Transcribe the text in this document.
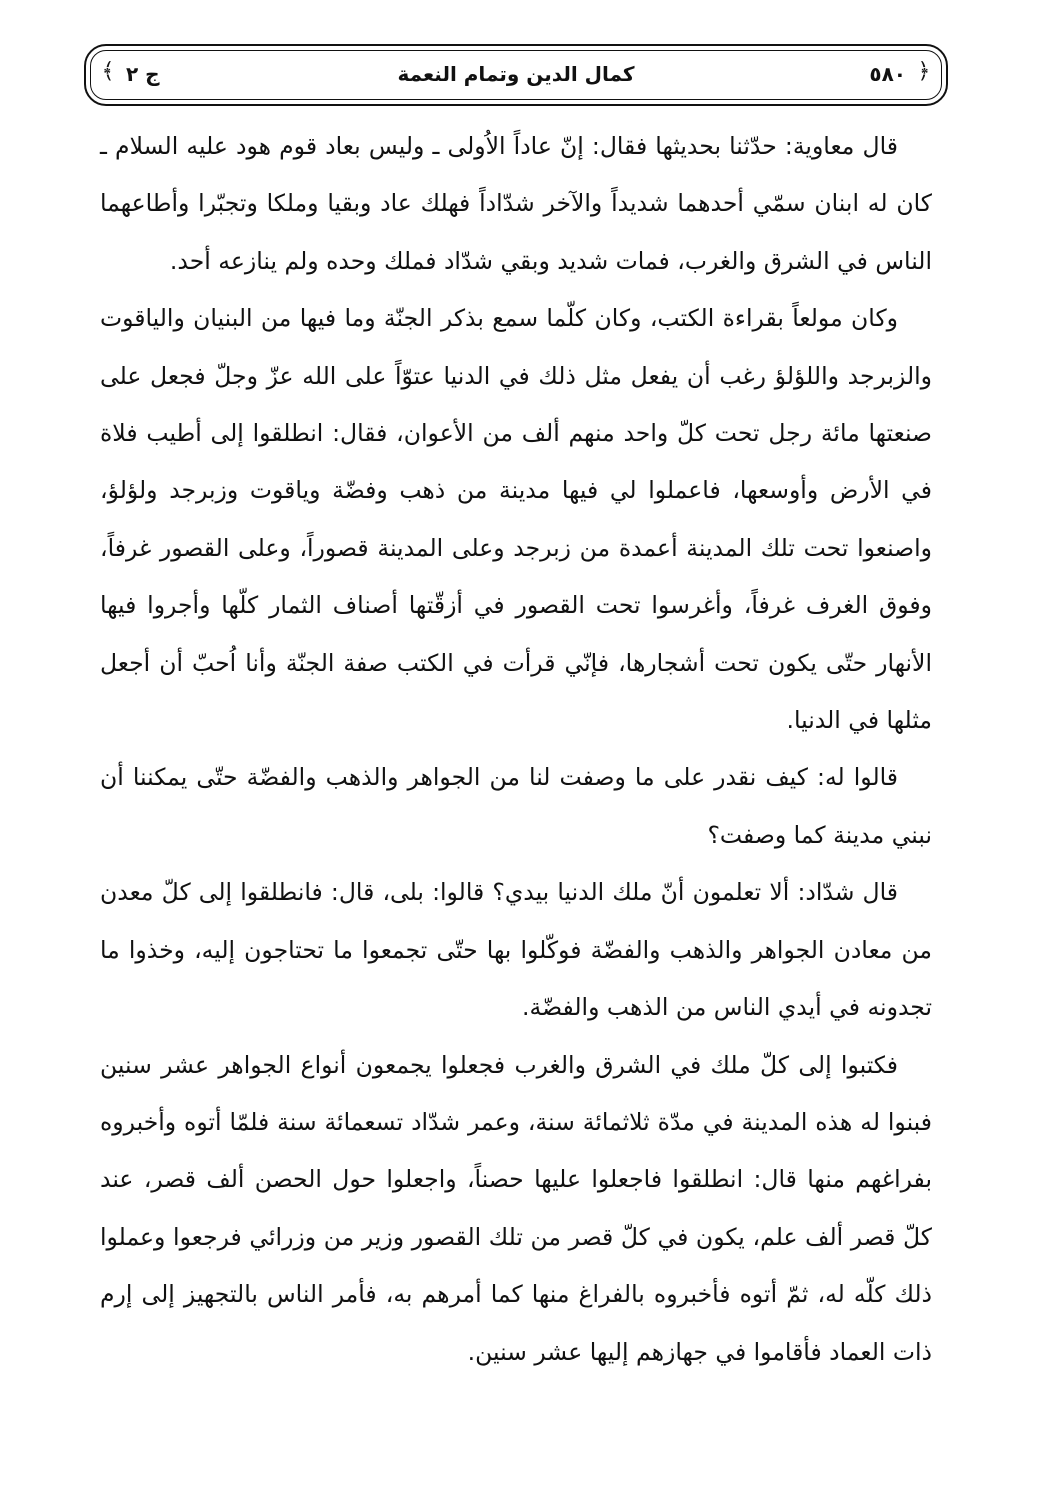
﴿
﴾	٥٨٠
كمال الدين وتمام النعمة
ج ٢

قال معاوية: حدّثنا بحديثها فقال: إنّ عاداً الاُولى ـ وليس بعاد قوم هود عليه السلام ـ كان له ابنان سمّي أحدهما شديداً والآخر شدّاداً فهلك عاد وبقيا وملكا وتجبّرا وأطاعهما الناس في الشرق والغرب، فمات شديد وبقي شدّاد فملك وحده ولم ينازعه أحد.

وكان مولعاً بقراءة الكتب، وكان كلّما سمع بذكر الجنّة وما فيها من البنيان والياقوت والزبرجد واللؤلؤ رغب أن يفعل مثل ذلك في الدنيا عتوّاً على الله عزّ وجلّ فجعل على صنعتها مائة رجل تحت كلّ واحد منهم ألف من الأعوان، فقال: انطلقوا إلى أطيب فلاة في الأرض وأوسعها، فاعملوا لي فيها مدينة من ذهب وفضّة وياقوت وزبرجد ولؤلؤ، واصنعوا تحت تلك المدينة أعمدة من زبرجد وعلى المدينة قصوراً، وعلى القصور غرفاً، وفوق الغرف غرفاً، وأغرسوا تحت القصور في أزقّتها أصناف الثمار كلّها وأجروا فيها الأنهار حتّى يكون تحت أشجارها، فإنّي قرأت في الكتب صفة الجنّة وأنا اُحبّ أن أجعل مثلها في الدنيا.

قالوا له: كيف نقدر على ما وصفت لنا من الجواهر والذهب والفضّة حتّى يمكننا أن نبني مدينة كما وصفت؟

قال شدّاد: ألا تعلمون أنّ ملك الدنيا بيدي؟ قالوا: بلى، قال: فانطلقوا إلى كلّ معدن من معادن الجواهر والذهب والفضّة فوكّلوا بها حتّى تجمعوا ما تحتاجون إليه، وخذوا ما تجدونه في أيدي الناس من الذهب والفضّة.

فكتبوا إلى كلّ ملك في الشرق والغرب فجعلوا يجمعون أنواع الجواهر عشر سنين فبنوا له هذه المدينة في مدّة ثلاثمائة سنة، وعمر شدّاد تسعمائة سنة فلمّا أتوه وأخبروه بفراغهم منها قال: انطلقوا فاجعلوا عليها حصناً، واجعلوا حول الحصن ألف قصر، عند كلّ قصر ألف علم، يكون في كلّ قصر من تلك القصور وزير من وزرائي فرجعوا وعملوا ذلك كلّه له، ثمّ أتوه فأخبروه بالفراغ منها كما أمرهم به، فأمر الناس بالتجهيز إلى إرم ذات العماد فأقاموا في جهازهم إليها عشر سنين.
